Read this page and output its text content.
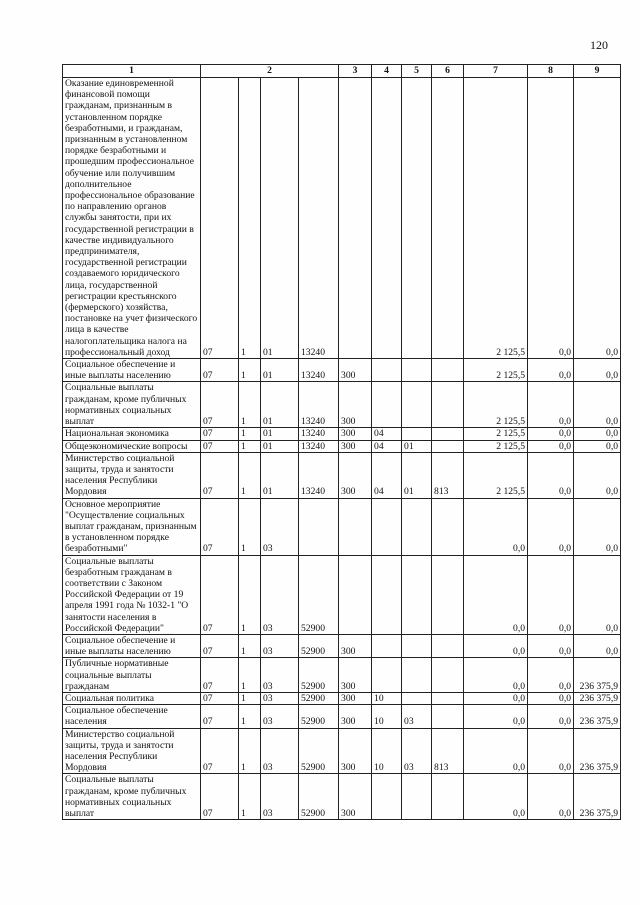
120
1	2				3	4	5	6	7	8	9
Оказание единовременной финансовой помощи гражданам, признанным в установленном порядке безработными, и гражданам, признанным в установленном порядке безработными и прошедшим профессиональное обучение или получившим дополнительное профессиональное образование по направлению органов службы занятости, при их государственной регистрации в качестве индивидуального предпринимателя, государственной регистрации создаваемого юридического лица, государственной регистрации крестьянского (фермерского) хозяйства, постановке на учет физического лица в качестве налогоплательщика налога на профессиональный доход	07	1	01	13240					2 125,5	0,0	0,0
Социальное обеспечение и иные выплаты населению	07	1	01	13240	300				2 125,5	0,0	0,0
Социальные выплаты гражданам, кроме публичных нормативных социальных выплат	07	1	01	13240	300				2 125,5	0,0	0,0
Национальная экономика	07	1	01	13240	300	04			2 125,5	0,0	0,0
Общеэкономические вопросы	07	1	01	13240	300	04	01		2 125,5	0,0	0,0
Министерство социальной защиты, труда и занятости населения Республики Мордовия	07	1	01	13240	300	04	01	813	2 125,5	0,0	0,0
Основное мероприятие "Осуществление социальных выплат гражданам, признанным в установленном порядке безработными"	07	1	03						0,0	0,0	0,0
Социальные выплаты безработным гражданам в соответствии с Законом Российской Федерации от 19 апреля 1991 года № 1032-1 "О занятости населения в Российской Федерации"	07	1	03	52900					0,0	0,0	0,0
Социальное обеспечение и иные выплаты населению	07	1	03	52900	300				0,0	0,0	0,0
Публичные нормативные социальные выплаты гражданам	07	1	03	52900	300				0,0	0,0	236 375,9
Социальная политика	07	1	03	52900	300	10			0,0	0,0	236 375,9
Социальное обеспечение населения	07	1	03	52900	300	10	03		0,0	0,0	236 375,9
Министерство социальной защиты, труда и занятости населения Республики Мордовия	07	1	03	52900	300	10	03	813	0,0	0,0	236 375,9
Социальные выплаты гражданам, кроме публичных нормативных социальных выплат	07	1	03	52900	300				0,0	0,0	236 375,9
